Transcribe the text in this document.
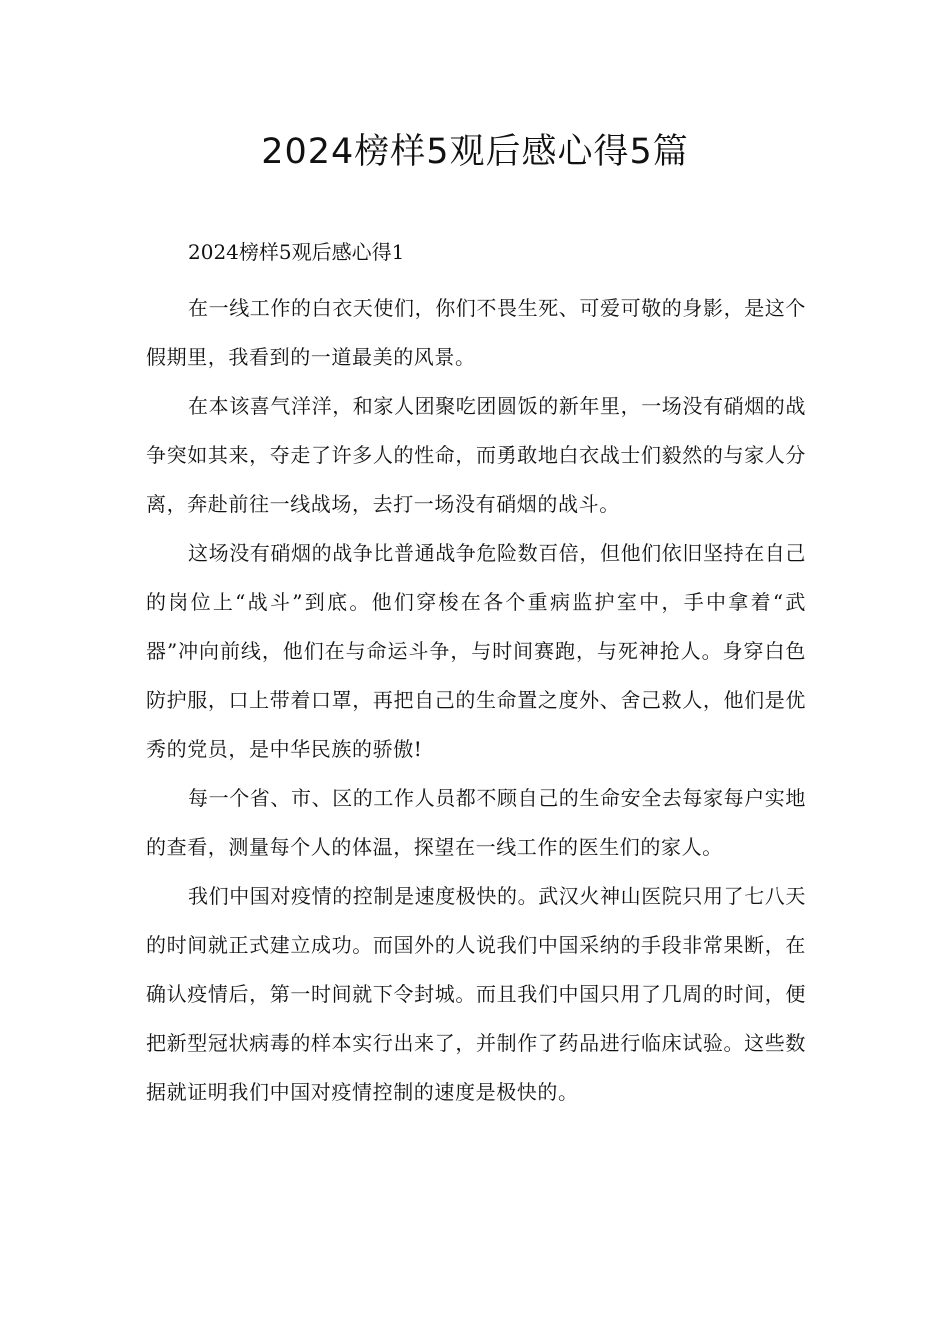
2024榜样5观后感心得5篇

2024榜样5观后感心得1

在一线工作的白衣天使们，你们不畏生死、可爱可敬的身影，是这个假期里，我看到的一道最美的风景。

在本该喜气洋洋，和家人团聚吃团圆饭的新年里，一场没有硝烟的战争突如其来，夺走了许多人的性命，而勇敢地白衣战士们毅然的与家人分离，奔赴前往一线战场，去打一场没有硝烟的战斗。

这场没有硝烟的战争比普通战争危险数百倍，但他们依旧坚持在自己的岗位上“战斗”到底。他们穿梭在各个重病监护室中，手中拿着“武器”冲向前线，他们在与命运斗争，与时间赛跑，与死神抢人。身穿白色防护服，口上带着口罩，再把自己的生命置之度外、舍己救人，他们是优秀的党员，是中华民族的骄傲!

每一个省、市、区的工作人员都不顾自己的生命安全去每家每户实地的查看，测量每个人的体温，探望在一线工作的医生们的家人。

我们中国对疫情的控制是速度极快的。武汉火神山医院只用了七八天的时间就正式建立成功。而国外的人说我们中国采纳的手段非常果断，在确认疫情后，第一时间就下令封城。而且我们中国只用了几周的时间，便把新型冠状病毒的样本实行出来了，并制作了药品进行临床试验。这些数据就证明我们中国对疫情控制的速度是极快的。
